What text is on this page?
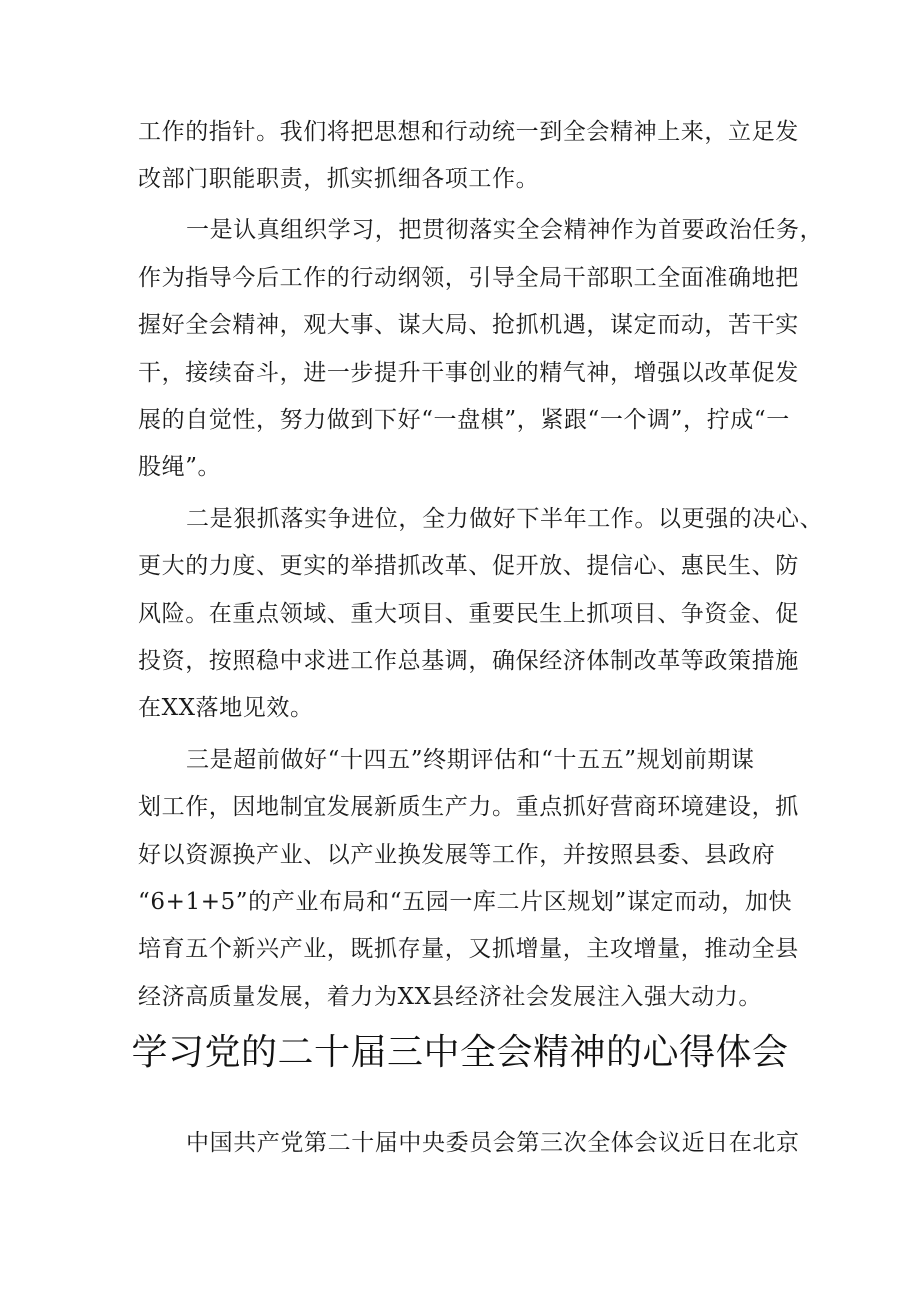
工作的指针。我们将把思想和行动统一到全会精神上来，立足发
改部门职能职责，抓实抓细各项工作。
一是认真组织学习，把贯彻落实全会精神作为首要政治任务，
作为指导今后工作的行动纲领，引导全局干部职工全面准确地把
握好全会精神，观大事、谋大局、抢抓机遇，谋定而动，苦干实
干，接续奋斗，进一步提升干事创业的精气神，增强以改革促发
展的自觉性，努力做到下好“一盘棋”，紧跟“一个调”，拧成“一
股绳”。
二是狠抓落实争进位，全力做好下半年工作。以更强的决心、
更大的力度、更实的举措抓改革、促开放、提信心、惠民生、防
风险。在重点领域、重大项目、重要民生上抓项目、争资金、促
投资，按照稳中求进工作总基调，确保经济体制改革等政策措施
在XX落地见效。
三是超前做好“十四五”终期评估和“十五五”规划前期谋
划工作，因地制宜发展新质生产力。重点抓好营商环境建设，抓
好以资源换产业、以产业换发展等工作，并按照县委、县政府
“6+1+5”的产业布局和“五园一库二片区规划”谋定而动，加快
培育五个新兴产业，既抓存量，又抓增量，主攻增量，推动全县
经济高质量发展，着力为XX县经济社会发展注入强大动力。
学习党的二十届三中全会精神的心得体会
中国共产党第二十届中央委员会第三次全体会议近日在北京
